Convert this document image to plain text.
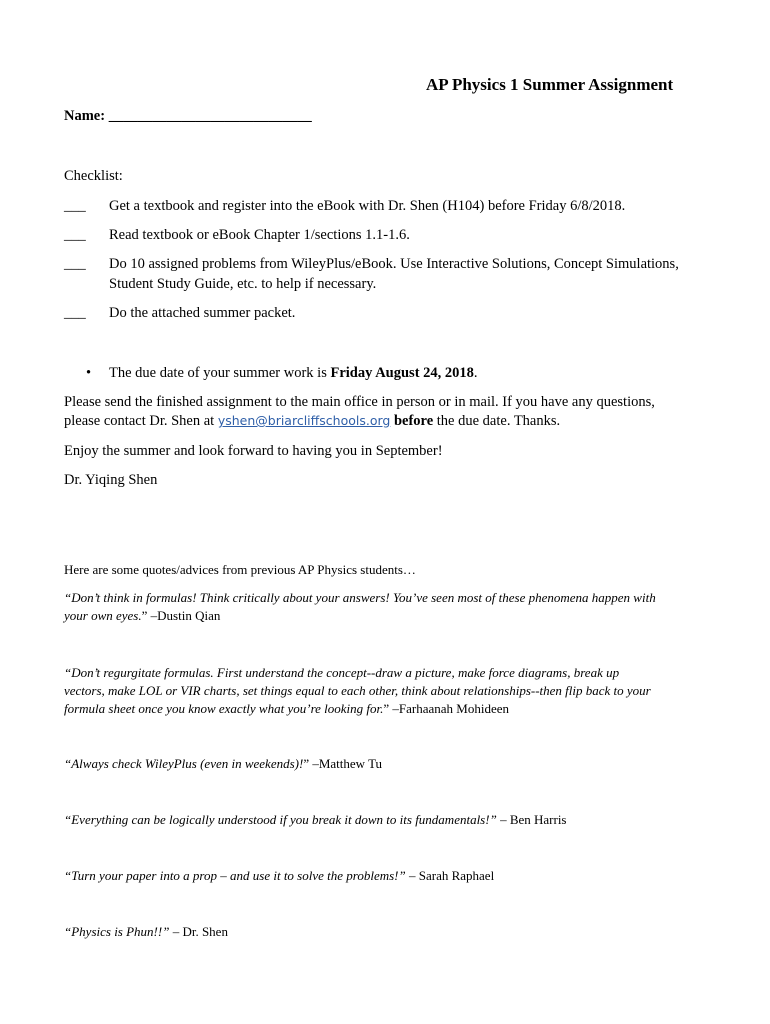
AP Physics 1 Summer Assignment
Name: ____________________________
Checklist:
___ Get a textbook and register into the eBook with Dr. Shen (H104) before Friday 6/8/2018.
___ Read textbook or eBook Chapter 1/sections 1.1-1.6.
___ Do 10 assigned problems from WileyPlus/eBook. Use Interactive Solutions, Concept Simulations,
Student Study Guide, etc. to help if necessary.
___ Do the attached summer packet.
• The due date of your summer work is Friday August 24, 2018.
Please send the finished assignment to the main office in person or in mail. If you have any questions,
please contact Dr. Shen at yshen@briarcliffschools.org before the due date. Thanks.
Enjoy the summer and look forward to having you in September!
Dr. Yiqing Shen
Here are some quotes/advices from previous AP Physics students…
“Don’t think in formulas! Think critically about your answers! You’ve seen most of these phenomena happen with
your own eyes.” –Dustin Qian
“Don’t regurgitate formulas. First understand the concept--draw a picture, make force diagrams, break up
vectors, make LOL or VIR charts, set things equal to each other, think about relationships--then flip back to your
formula sheet once you know exactly what you’re looking for.” –Farhaanah Mohideen
“Always check WileyPlus (even in weekends)!” –Matthew Tu
“Everything can be logically understood if you break it down to its fundamentals!” – Ben Harris
“Turn your paper into a prop – and use it to solve the problems!” – Sarah Raphael
“Physics is Phun!!” – Dr. Shen
